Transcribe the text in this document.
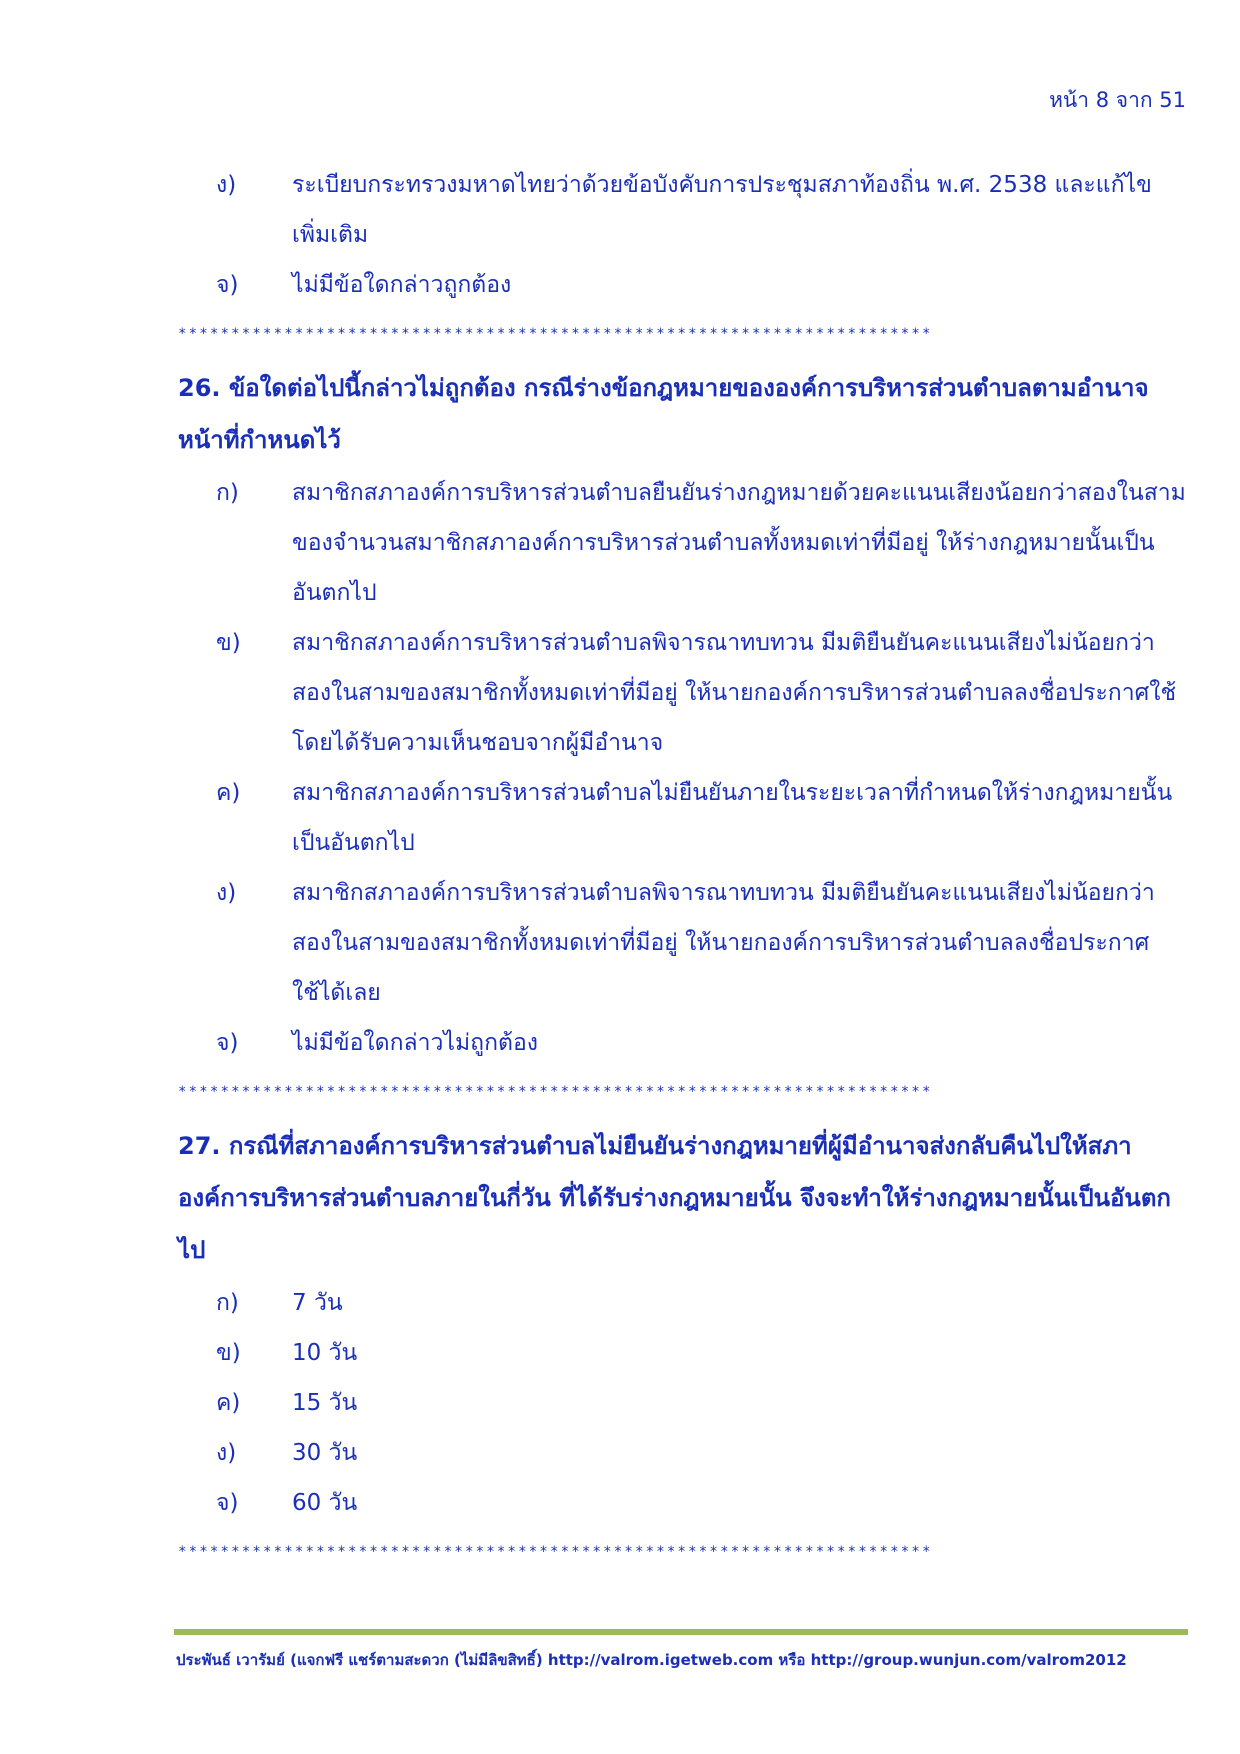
หน้า 8 จาก 51
ง)	ระเบียบกระทรวงมหาดไทยว่าด้วยข้อบังคับการประชุมสภาท้องถิ่น พ.ศ. 2538 และแก้ไขเพิ่มเติม
จ)	ไม่มีข้อใดกล่าวถูกต้อง
***********************************************************************
26. ข้อใดต่อไปนี้กล่าวไม่ถูกต้อง กรณีร่างข้อกฎหมายขององค์การบริหารส่วนตำบลตามอำนาจหน้าที่กำหนดไว้
ก)	สมาชิกสภาองค์การบริหารส่วนตำบลยืนยันร่างกฎหมายด้วยคะแนนเสียงน้อยกว่าสองในสามของจำนวนสมาชิกสภาองค์การบริหารส่วนตำบลทั้งหมดเท่าที่มีอยู่ ให้ร่างกฎหมายนั้นเป็นอันตกไป
ข)	สมาชิกสภาองค์การบริหารส่วนตำบลพิจารณาทบทวน มีมติยืนยันคะแนนเสียงไม่น้อยกว่าสองในสามของสมาชิกทั้งหมดเท่าที่มีอยู่ ให้นายกองค์การบริหารส่วนตำบลลงชื่อประกาศใช้ โดยได้รับความเห็นชอบจากผู้มีอำนาจ
ค)	สมาชิกสภาองค์การบริหารส่วนตำบลไม่ยืนยันภายในระยะเวลาที่กำหนดให้ร่างกฎหมายนั้นเป็นอันตกไป
ง)	สมาชิกสภาองค์การบริหารส่วนตำบลพิจารณาทบทวน มีมติยืนยันคะแนนเสียงไม่น้อยกว่าสองในสามของสมาชิกทั้งหมดเท่าที่มีอยู่ ให้นายกองค์การบริหารส่วนตำบลลงชื่อประกาศใช้ได้เลย
จ)	ไม่มีข้อใดกล่าวไม่ถูกต้อง
***********************************************************************
27. กรณีที่สภาองค์การบริหารส่วนตำบลไม่ยืนยันร่างกฎหมายที่ผู้มีอำนาจส่งกลับคืนไปให้สภาองค์การบริหารส่วนตำบลภายในกี่วัน ที่ได้รับร่างกฎหมายนั้น จึงจะทำให้ร่างกฎหมายนั้นเป็นอันตกไป
ก)	7 วัน
ข)	10 วัน
ค)	15 วัน
ง)	30 วัน
จ)	60 วัน
***********************************************************************
ประพันธ์ เวารัมย์ (แจกฟรี แชร์ตามสะดวก (ไม่มีลิขสิทธิ์) http://valrom.igetweb.com หรือ http://group.wunjun.com/valrom2012
